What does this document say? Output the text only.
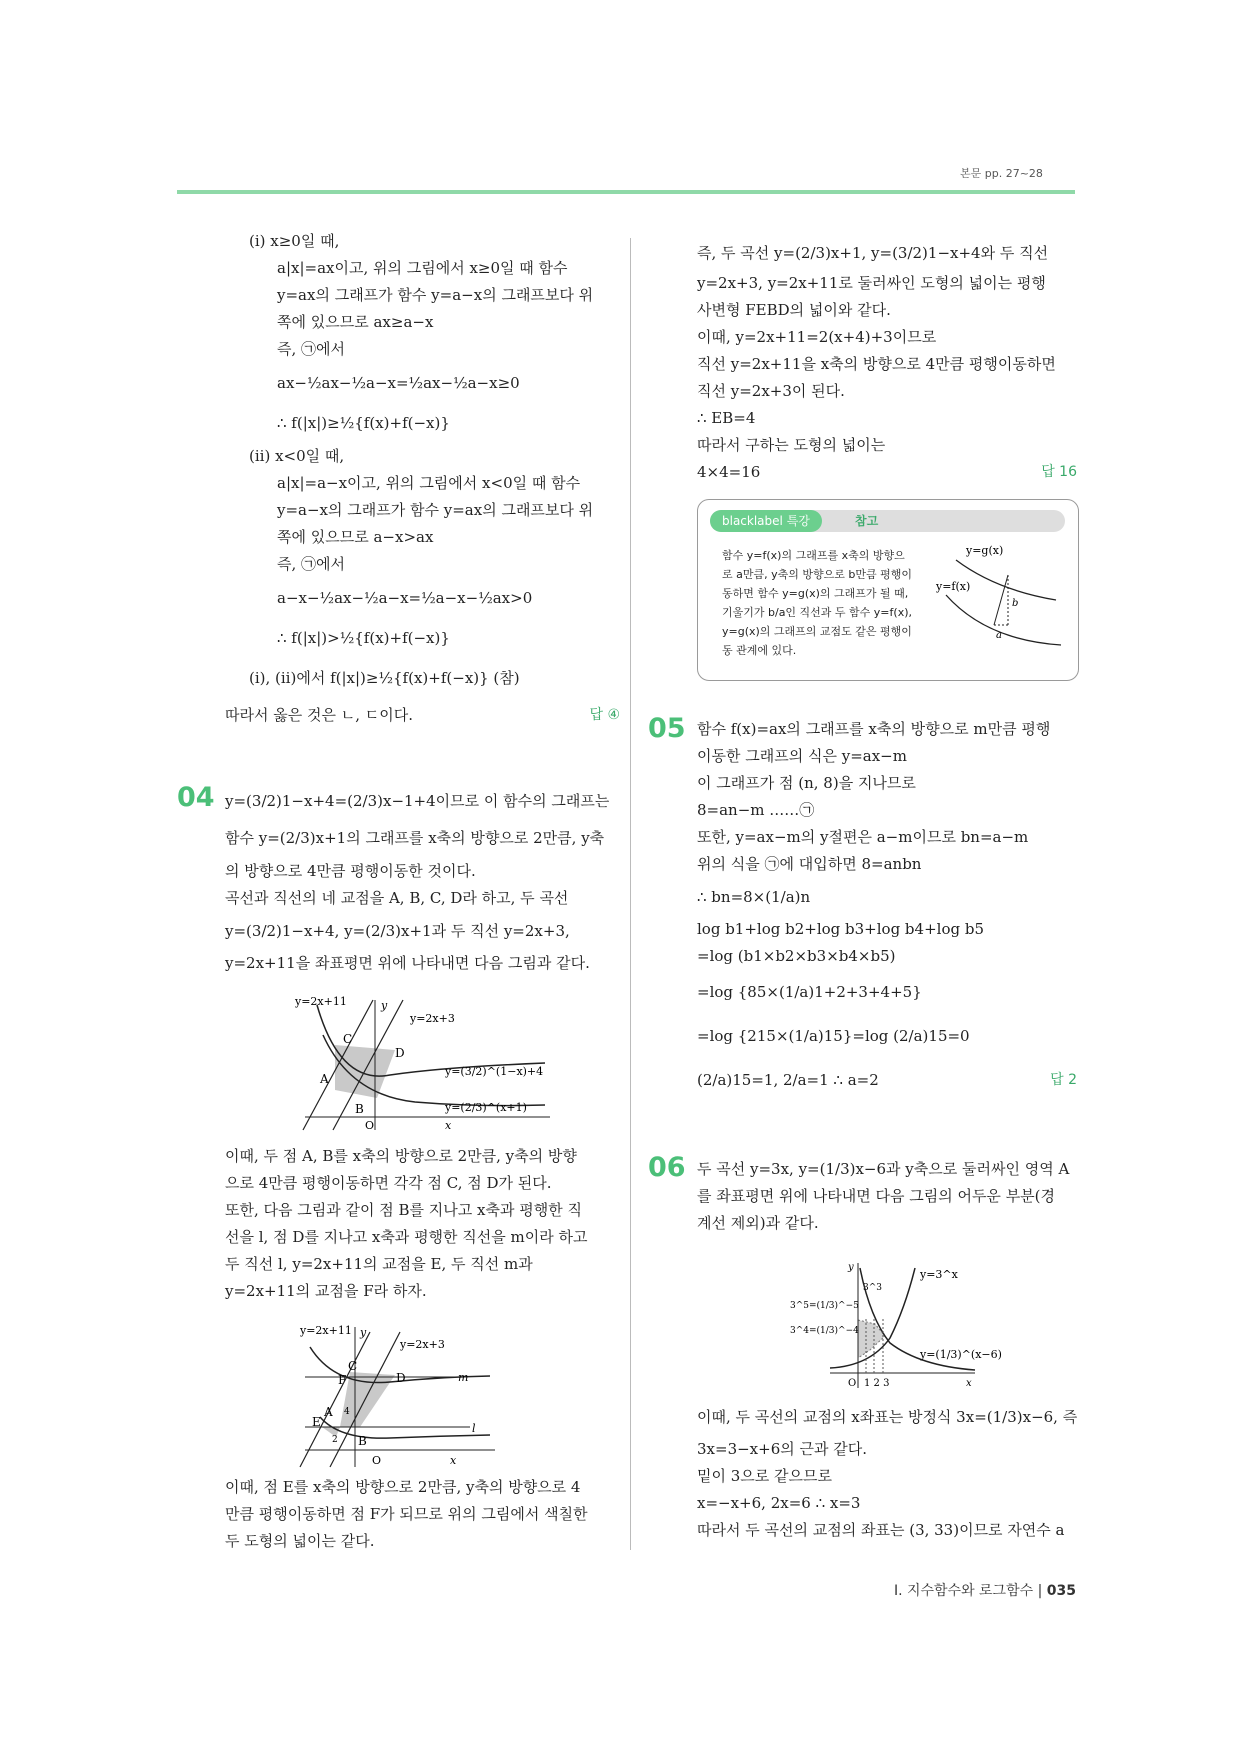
본문 pp. 27~28

(ⅰ) x≥0일 때,

a|x|=ax이고, 위의 그림에서 x≥0일 때 함수

y=ax의 그래프가 함수 y=a−x의 그래프보다 위

쪽에 있으므로 ax≥a−x

즉, ㉠에서

ax−½ax−½a−x=½ax−½a−x≥0

∴ f(|x|)≥½{f(x)+f(−x)}

(ⅱ) x<0일 때,

a|x|=a−x이고, 위의 그림에서 x<0일 때 함수

y=a−x의 그래프가 함수 y=ax의 그래프보다 위

쪽에 있으므로 a−x>ax

즉, ㉠에서

a−x−½ax−½a−x=½a−x−½ax>0

∴ f(|x|)>½{f(x)+f(−x)}

(ⅰ), (ⅱ)에서 f(|x|)≥½{f(x)+f(−x)} (참)

따라서 옳은 것은 ㄴ, ㄷ이다.	답 ④

04 y=(3/2)1−x+4=(2/3)x−1+4이므로 이 함수의 그래프는

함수 y=(2/3)x+1의 그래프를 x축의 방향으로 2만큼, y축

의 방향으로 4만큼 평행이동한 것이다.

곡선과 직선의 네 교점을 A, B, C, D라 하고, 두 곡선

y=(3/2)1−x+4, y=(2/3)x+1과 두 직선 y=2x+3,

y=2x+11을 좌표평면 위에 나타내면 다음 그림과 같다.

y=2x+11
y=2x+3
y=(3/2)^(1−x)+4
y=(2/3)^(x+1)
C
D
A
B
O	x
y

이때, 두 점 A, B를 x축의 방향으로 2만큼, y축의 방향

으로 4만큼 평행이동하면 각각 점 C, 점 D가 된다.

또한, 다음 그림과 같이 점 B를 지나고 x축과 평행한 직

선을 l, 점 D를 지나고 x축과 평행한 직선을 m이라 하고

두 직선 l, y=2x+11의 교점을 E, 두 직선 m과

y=2x+11의 교점을 F라 하자.

y=2x+11
y=2x+3
m
l
C
F	D
A
E
B
4
2
O	x
y

이때, 점 E를 x축의 방향으로 2만큼, y축의 방향으로 4

만큼 평행이동하면 점 F가 되므로 위의 그림에서 색칠한

두 도형의 넓이는 같다.

즉, 두 곡선 y=(2/3)x+1, y=(3/2)1−x+4와 두 직선

y=2x+3, y=2x+11로 둘러싸인 도형의 넓이는 평행

사변형 FEBD의 넓이와 같다.

이때, y=2x+11=2(x+4)+3이므로

직선 y=2x+11을 x축의 방향으로 4만큼 평행이동하면

직선 y=2x+3이 된다.

∴ EB=4

따라서 구하는 도형의 넓이는

4×4=16	답 16

blacklabel 특강	참고

함수 y=f(x)의 그래프를 x축의 방향으

로 a만큼, y축의 방향으로 b만큼 평행이

동하면 함수 y=g(x)의 그래프가 될 때,

기울기가 b/a인 직선과 두 함수 y=f(x),

y=g(x)의 그래프의 교점도 같은 평행이

동 관계에 있다.

y=g(x)
y=f(x)
b
a
05 함수 f(x)=ax의 그래프를 x축의 방향으로 m만큼 평행

이동한 그래프의 식은 y=ax−m

이 그래프가 점 (n, 8)을 지나므로

8=an−m ……㉠

또한, y=ax−m의 y절편은 a−m이므로 bn=a−m

위의 식을 ㉠에 대입하면 8=anbn

∴ bn=8×(1/a)n

log b1+log b2+log b3+log b4+log b5

=log (b1×b2×b3×b4×b5)

=log {85×(1/a)1+2+3+4+5}

=log {215×(1/a)15}=log (2/a)15=0

(2/a)15=1, 2/a=1 ∴ a=2	답 2

06 두 곡선 y=3x, y=(1/3)x−6과 y축으로 둘러싸인 영역 A

를 좌표평면 위에 나타내면 다음 그림의 어두운 부분(경

계선 제외)과 같다.

y=3^x
y=(1/3)^(x−6)
3^5=(1/3)^−5
3^4=(1/3)^−4
3^3
O 1 2 3	x
y

이때, 두 곡선의 교점의 x좌표는 방정식 3x=(1/3)x−6, 즉

3x=3−x+6의 근과 같다.

밑이 3으로 같으므로

x=−x+6, 2x=6 ∴ x=3

따라서 두 곡선의 교점의 좌표는 (3, 33)이므로 자연수 a

Ⅰ. 지수함수와 로그함수 | 035
